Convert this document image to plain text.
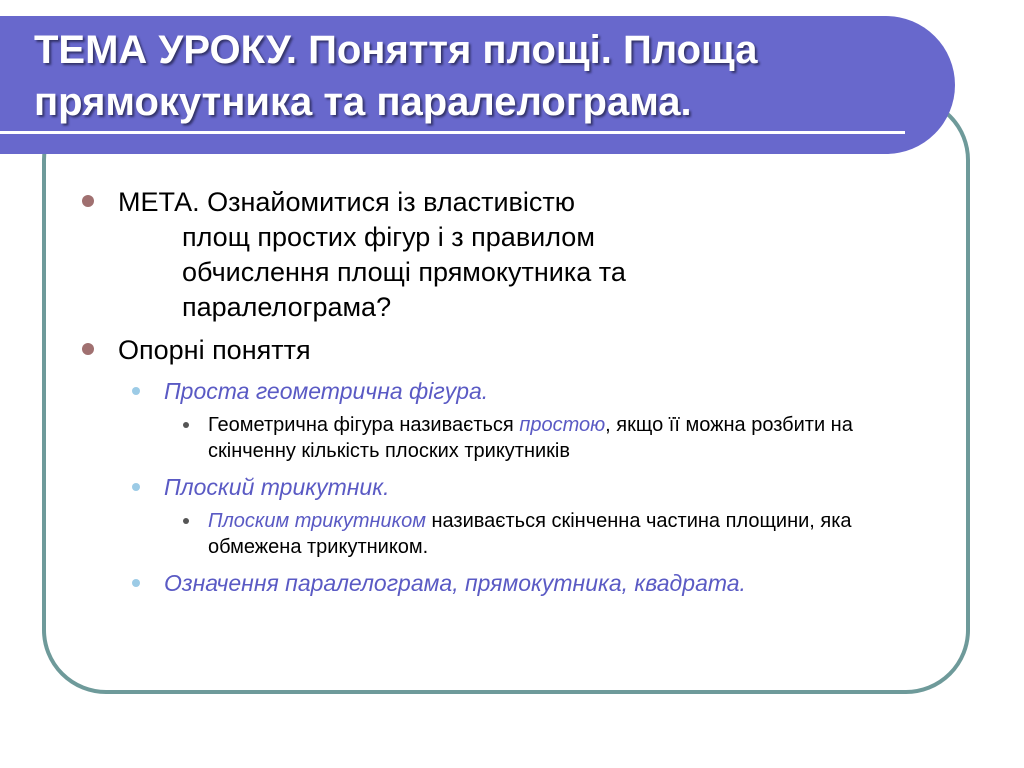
ТЕМА УРОКУ. Поняття площі. Площа
прямокутника та паралелограма.
МЕТА. Ознайомитися із властивістю
площ простих фігур і з правилом
обчислення площі прямокутника та
паралелограма?
Опорні поняття
Проста геометрична фігура.
Геометрична фігура називається простою, якщо її можна розбити на скінченну кількість плоских трикутників
Плоский трикутник.
Плоским трикутником називається скінченна частина площини, яка обмежена трикутником.
Означення паралелограма, прямокутника, квадрата.
